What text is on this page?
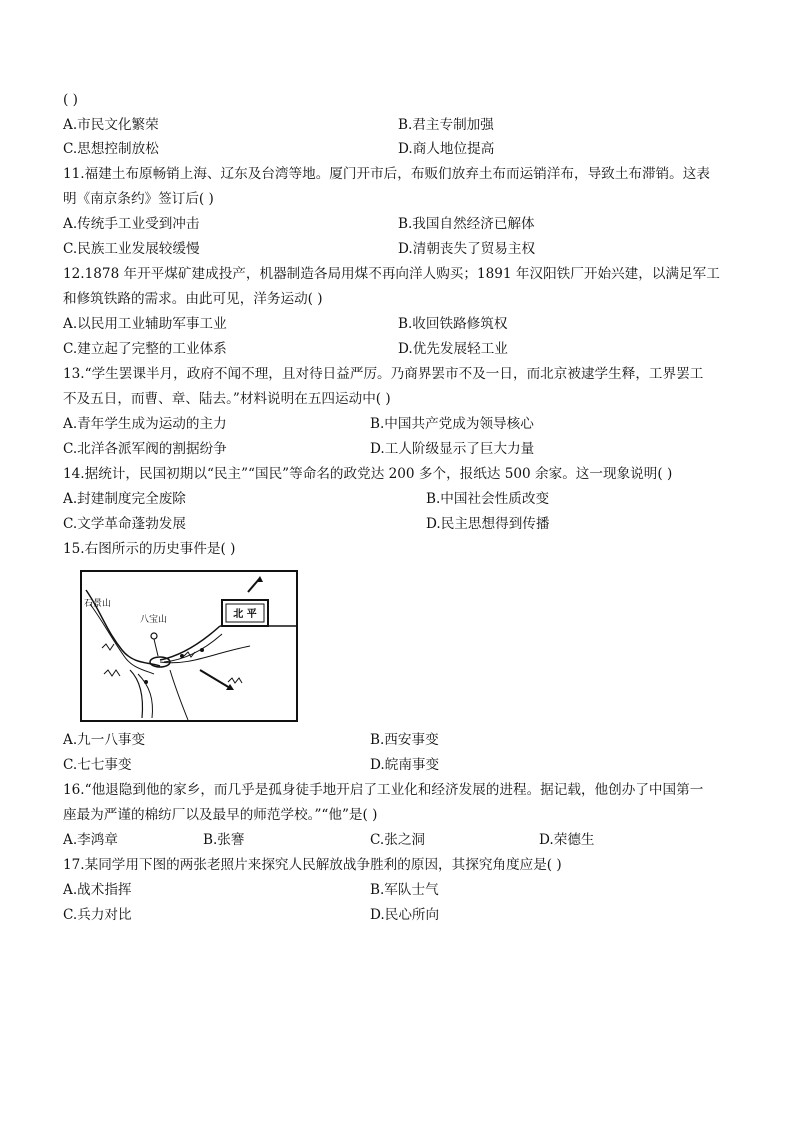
( )
A.市民文化繁荣	B.君主专制加强
C.思想控制放松	D.商人地位提高
11.福建土布原畅销上海、辽东及台湾等地。厦门开市后，布贩们放弃土布而运销洋布，导致土布滞销。这表
明《南京条约》签订后( )
A.传统手工业受到冲击	B.我国自然经济已解体
C.民族工业发展较缓慢	D.清朝丧失了贸易主权
12.1878 年开平煤矿建成投产，机器制造各局用煤不再向洋人购买；1891 年汉阳铁厂开始兴建，以满足军工
和修筑铁路的需求。由此可见，洋务运动( )
A.以民用工业辅助军事工业	B.收回铁路修筑权
C.建立起了完整的工业体系	D.优先发展轻工业
13.“学生罢课半月，政府不闻不理，且对待日益严厉。乃商界罢市不及一日，而北京被逮学生释，工界罢工
不及五日，而曹、章、陆去。”材料说明在五四运动中( )
A.青年学生成为运动的主力	B.中国共产党成为领导核心
C.北洋各派军阀的割据纷争	D.工人阶级显示了巨大力量
14.据统计，民国初期以“民主”“国民”等命名的政党达 200 多个，报纸达 500 余家。这一现象说明( )
A.封建制度完全废除	B.中国社会性质改变
C.文学革命蓬勃发展	D.民主思想得到传播
15.右图所示的历史事件是( )
北 平
石景山
八宝山
A.九一八事变	B.西安事变
C.七七事变	D.皖南事变
16.“他退隐到他的家乡，而几乎是孤身徒手地开启了工业化和经济发展的进程。据记载，他创办了中国第一
座最为严谨的棉纺厂以及最早的师范学校。”“他”是( )
A.李鸿章	B.张謇	C.张之洞	D.荣德生
17.某同学用下图的两张老照片来探究人民解放战争胜利的原因，其探究角度应是( )
A.战术指挥	B.军队士气
C.兵力对比	D.民心所向
